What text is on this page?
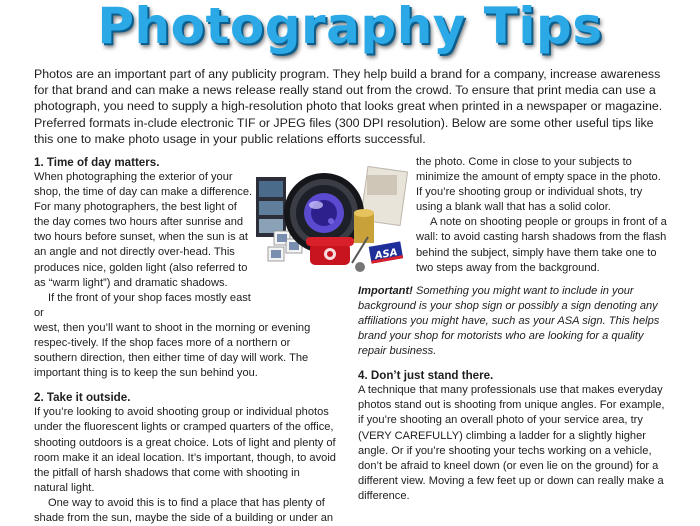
Photography Tips

Photos are an important part of any publicity program. They help build a brand for a company, increase awareness for that brand and can make a news release really stand out from the crowd. To ensure that print media can use a photograph, you need to supply a high-resolution photo that looks great when printed in a newspaper or magazine. Preferred formats in-clude electronic TIF or JPEG files (300 DPI resolution). Below are some other useful tips like this one to make photo usage in your public relations efforts successful.

1. Time of day matters.

When photographing the exterior of your shop, the time of day can make a difference. For many photographers, the best light of the day comes two hours after sunrise and two hours before sunset, when the sun is at an angle and not directly over-head. This produces nice, golden light (also referred to as “warm light”) and dramatic shadows.

If the front of your shop faces mostly east or

west, then you’ll want to shoot in the morning or evening respec-tively. If the shop faces more of a northern or southern direction, then either time of day will work. The important thing is to keep the sun behind you.

2. Take it outside.

If you’re looking to avoid shooting group or individual photos under the fluorescent lights or cramped quarters of the office, shooting outdoors is a great choice. Lots of light and plenty of room make it an ideal location. It’s important, though, to avoid the pitfall of harsh shadows that come with shooting in natural light.

One way to avoid this is to find a place that has plenty of shade from the sun, maybe the side of a building or under an

the photo. Come in close to your subjects to minimize the amount of empty space in the photo. If you’re shooting group or individual shots, try using a blank wall that has a solid color.

A note on shooting people or groups in front of a wall: to avoid casting harsh shadows from the flash behind the subject, simply have them take one to two steps away from the background.

Important! Something you might want to include in your background is your shop sign or possibly a sign denoting any affiliations you might have, such as your ASA sign. This helps brand your shop for motorists who are looking for a quality repair business.

4. Don’t just stand there.

A technique that many professionals use that makes everyday photos stand out is shooting from unique angles. For example, if you’re shooting an overall photo of your service area, try (VERY CAREFULLY) climbing a ladder for a slightly higher angle. Or if you’re shooting your techs working on a vehicle, don’t be afraid to kneel down (or even lie on the ground) for a different view. Moving a few feet up or down can really make a difference.

ASA
